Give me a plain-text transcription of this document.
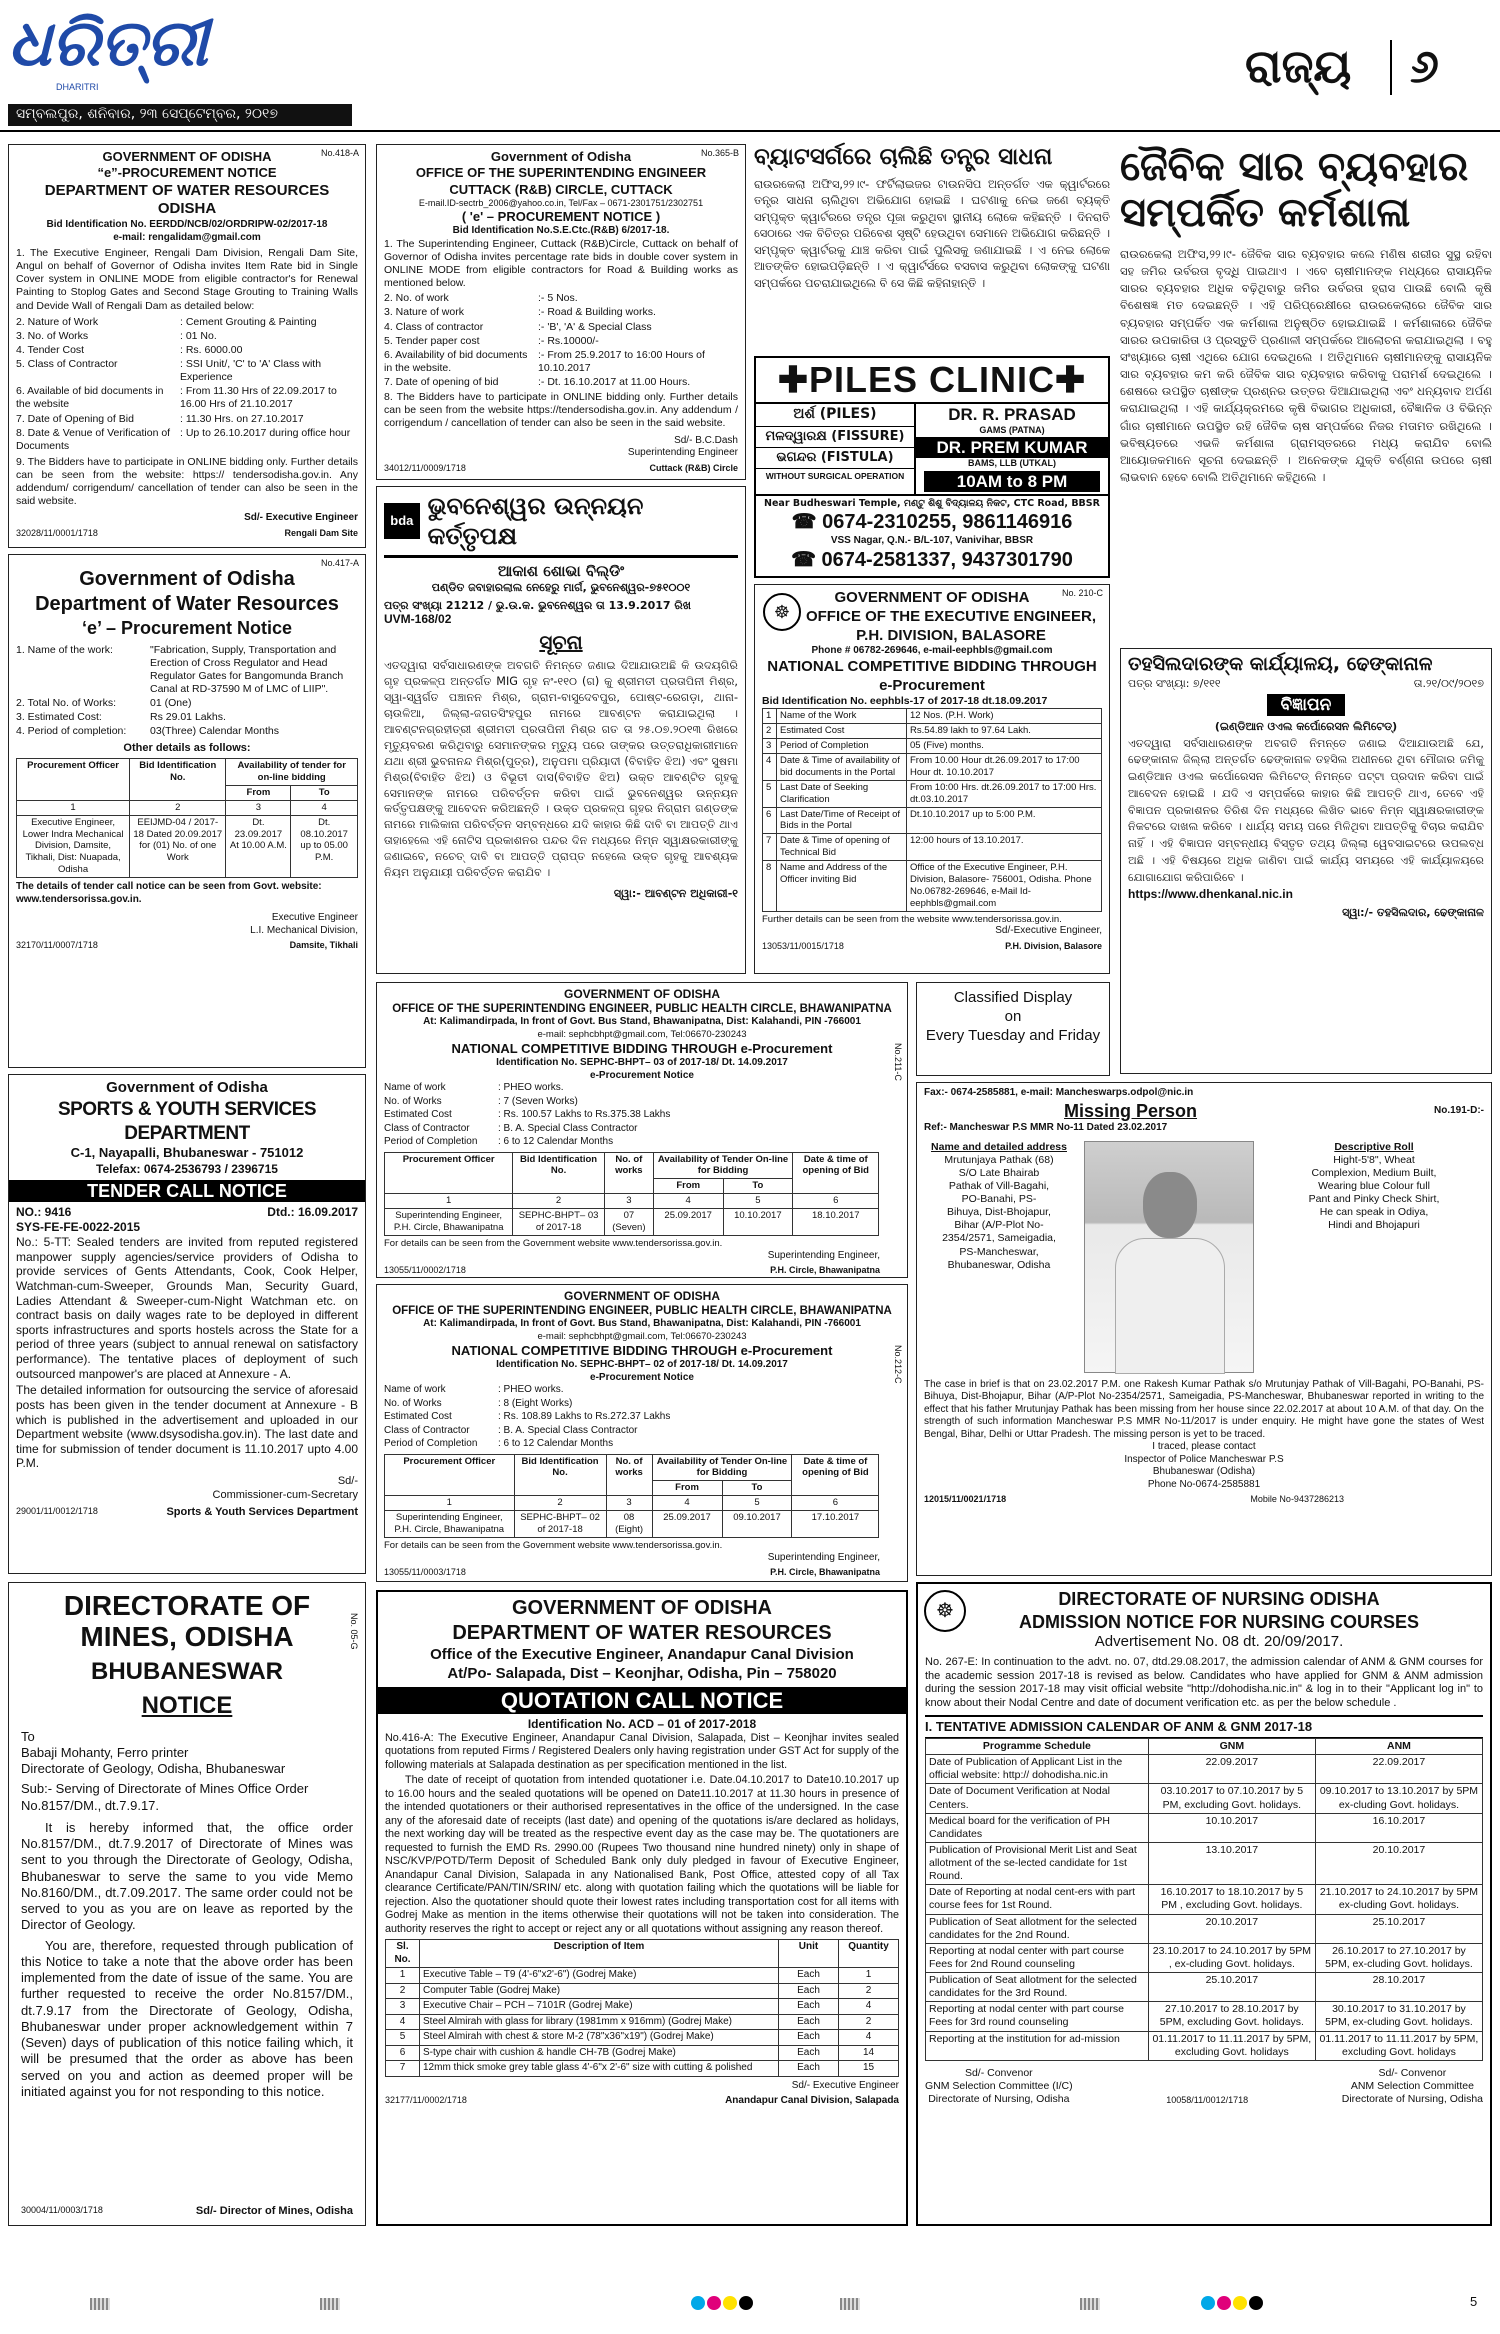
ଧରିତ୍ରୀ
DHARITRI
ସମ୍ବଲପୁର, ଶନିବାର, ୨୩ ସେପ୍ଟେମ୍ବର, ୨୦୧୭
ରାଜ୍ୟ ୬
No.418-A
GOVERNMENT OF ODISHA
“e”-PROCUREMENT NOTICE
DEPARTMENT OF WATER RESOURCES ODISHA
Bid Identification No. EERDD/NCB/02/ORDRIPW-02/2017-18
e-mail: rengalidam@gmail.com
1. The Executive Engineer, Rengali Dam Division, Rengali Dam Site, Angul on behalf of Governor of Odisha invites Item Rate bid in Single Cover system in ONLINE MODE from eligible contractor's for Renewal Painting to Stoplog Gates and Second Stage Grouting to Training Walls and Devide Wall of Rengali Dam as detailed below:
2. Nature of Work	: Cement Grouting & Painting
3. No. of Works	: 01 No.
4. Tender Cost	: Rs. 6000.00
5. Class of Contractor	: SSI Unit/, 'C' to 'A' Class with Experience
6. Available of bid documents in the website
: From 11.30 Hrs of 22.09.2017 to 16.00 Hrs of 21.10.2017
7. Date of Opening of Bid	: 11.30 Hrs. on 27.10.2017
8. Date & Venue of Verification of Documents
: Up to 26.10.2017 during office hour
9. The Bidders have to participate in ONLINE bidding only. Further details can be seen from the website: https:// tendersodisha.gov.in. Any addendum/ corrigendum/ cancellation of tender can also be seen in the said website.
Sd/- Executive Engineer
32028/11/0001/1718	Rengali Dam Site
No.417-A
Government of Odisha
Department of Water Resources
‘e’ – Procurement Notice
1. Name of the work:	"Fabrication, Supply, Transportation and Erection of Cross Regulator and Head Regulator Gates for Bangomunda Branch Canal at RD-37590 M of LMC of LIIP".
2. Total No. of Works:	01 (One)
3. Estimated Cost:	Rs 29.01 Lakhs.
4. Period of completion:	03(Three) Calendar Months
Other details as follows:
Procurement Officer	Bid Identification No.	Availability of tender for on-line bidding	
		From	To
1	2	3	4
Executive Engineer, Lower Indra Mechanical Division, Damsite, Tikhali, Dist: Nuapada, Odisha	EEIJMD-04 / 2017-18 Dated 20.09.2017 for (01) No. of one Work	Dt. 23.09.2017 At 10.00 A.M.	Dt. 08.10.2017 up to 05.00 P.M.
The details of tender call notice can be seen from Govt. website: www.tendersorissa.gov.in.
Executive Engineer
L.I. Mechanical Division,
32170/11/0007/1718	Damsite, Tikhali
Government of Odisha
SPORTS & YOUTH SERVICES DEPARTMENT
C-1, Nayapalli, Bhubaneswar - 751012
Telefax: 0674-2536793 / 2396715
TENDER CALL NOTICE
NO.: 9416	Dtd.: 16.09.2017
SYS-FE-FE-0022-2015
No.: 5-TT: Sealed tenders are invited from reputed registered manpower supply agencies/service providers of Odisha to provide services of Gents Attendants, Cook, Cook Helper, Watchman-cum-Sweeper, Grounds Man, Security Guard, Ladies Attendant & Sweeper-cum-Night Watchman etc. on contract basis on daily wages rate to be deployed in different sports infrastructures and sports hostels across the State for a period of three years (subject to annual renewal on satisfactory performance). The tentative places of deployment of such outsourced manpower's are placed at Annexure - A.
The detailed information for outsourcing the service of aforesaid posts has been given in the tender document at Annexure - B which is published in the advertisement and uploaded in our Department website (www.dsysodisha.gov.in). The last date and time for submission of tender document is 11.10.2017 upto 4.00 P.M.
Sd/-
Commissioner-cum-Secretary
29001/11/0012/1718	Sports & Youth Services Department
No. 05-G
DIRECTORATE OF MINES, ODISHA
BHUBANESWAR
NOTICE
To
Babaji Mohanty, Ferro printer
Directorate of Geology, Odisha, Bhubaneswar
Sub:- Serving of Directorate of Mines Office Order No.8157/DM., dt.7.9.17.
It is hereby informed that, the office order No.8157/DM., dt.7.9.2017 of Directorate of Mines was sent to you through the Directorate of Geology, Odisha, Bhubaneswar to serve the same to you vide Memo No.8160/DM., dt.7.09.2017. The same order could not be served to you as you are on leave as reported by the Director of Geology.
You are, therefore, requested through publication of this Notice to take a note that the above order has been implemented from the date of issue of the same. You are further requested to receive the order No.8157/DM., dt.7.9.17 from the Directorate of Geology, Odisha, Bhubaneswar under proper acknowledgement within 7 (Seven) days of publication of this notice failing which, it will be presumed that the order as above has been served on you and action as deemed proper will be initiated against you for not responding to this notice.
30004/11/0003/1718	Sd/- Director of Mines, Odisha
No.365-B
Government of Odisha
OFFICE OF THE SUPERINTENDING ENGINEER
CUTTACK (R&B) CIRCLE, CUTTACK
E-mail.ID-sectrb_2006@yahoo.co.in, Tel/Fax – 0671-2301751/2302751
( 'e' – PROCUREMENT NOTICE )
Bid Identification No.S.E.Ctc.(R&B) 6/2017-18.
1. The Superintending Engineer, Cuttack (R&B)Circle, Cuttack on behalf of Governor of Odisha invites percentage rate bids in double cover system in ONLINE MODE from eligible contractors for Road & Building works as mentioned below.
2. No. of work	:- 5 Nos.
3. Nature of work	:- Road & Building works.
4. Class of contractor	:- 'B', 'A' & Special Class
5. Tender paper cost	:- Rs.10000/-
6. Availability of bid documents in the website.
:- From 25.9.2017 to 16:00 Hours of 10.10.2017
7. Date of opening of bid	:- Dt. 16.10.2017 at 11.00 Hours.
8. The Bidders have to participate in ONLINE bidding only. Further details can be seen from the website https://tendersodisha.gov.in. Any addendum / corrigendum / cancellation of tender can also be seen in the said website.
Sd/- B.C.Dash
Superintending Engineer
34012/11/0009/1718	Cuttack (R&B) Circle
bda
ଭୁବନେଶ୍ୱର ଉନ୍ନୟନ କର୍ତ୍ତୃପକ୍ଷ
ଆକାଶ ଶୋଭା ବିଲ୍ଡିଂ
ପଣ୍ଡିତ ଜବାହାରଲାଲ ନେହେରୁ ମାର୍ଗ, ଭୁବନେଶ୍ୱର-୭୫୧୦୦୧
ପତ୍ର ସଂଖ୍ୟା 21212 / ଭୁ.ଉ.କ. ଭୁବନେଶ୍ୱର ତା 13.9.2017 ରିଖ
UVM-168/02
ସୂଚନା
ଏତଦ୍ୱାରା ସର୍ବସାଧାରଣଙ୍କ ଅବଗତି ନିମନ୍ତେ ଜଣାଇ ଦିଆଯାଉଅଛି କି ଉଦୟଗିରି ଗୃହ ପ୍ରକଳ୍ପ ଅନ୍ତର୍ଗତ MIG ଗୃହ ନଂ-୧୧୦ (ଗ) କୁ ଶ୍ରୀମତୀ ପ୍ରତାପିନୀ ମିଶ୍ର, ସ୍ୱା-ସ୍ୱର୍ଗତ ପଞ୍ଚାନନ ମିଶ୍ର, ଗ୍ରାମ-ବାସୁଦେବପୁର, ପୋଷ୍ଟ-ରେଗଡ଼ା, ଥାନା-ଚାଉଳିଆ, ଜିଲ୍ଲା-ଜଗତସିଂହପୁର ନାମରେ ଆବଣ୍ଟନ କରାଯାଇଥିଲା । ଆବଣ୍ଟନଗ୍ରହୀତ୍ରୀ ଶ୍ରୀମତୀ ପ୍ରତାପିନୀ ମିଶ୍ର ଗତ ତା ୨୫.୦୭.୨୦୧୩ ରିଖରେ ମୃତ୍ୟୁବରଣ କରିଥିବାରୁ ସେମାନଙ୍କର ମୃତ୍ୟୁ ପରେ ତାଙ୍କର ଉତ୍ତରାଧିକାରୀମାନେ ଯଥା ଶ୍ରୀ ଭୁବନାନନ୍ଦ ମିଶ୍ର(ପୁତ୍ର), ଅନୁପମା ପ୍ରିୟାଦୀ (ବିବାହିତ ଝିଅ) ଏବଂ ସୁଷମା ମିଶ୍ର(ବିବାହିତ ଝିଅ) ଓ ବିଭୂତୀ ଦାସ(ବିବାହିତ ଝିଅ) ଉକ୍ତ ଆବଣ୍ଟିତ ଗୃହକୁ ସେମାନଙ୍କ ନାମରେ ପରିବର୍ତ୍ତନ କରିବା ପାଇଁ ଭୁବନେଶ୍ୱର ଉନ୍ନୟନ କର୍ତ୍ତୃପକ୍ଷଙ୍କୁ ଆବେଦନ କରିଅଛନ୍ତି । ଉକ୍ତ ପ୍ରକଳ୍ପ ଗୃହର ନିଗ୍ରାମ ଗଣ୍ଡଙ୍କ ନାମରେ ମାଲିକାନା ପରିବର୍ତ୍ତନ ସମ୍ବନ୍ଧରେ ଯଦି କାହାର କିଛି ଦାବି ବା ଆପତ୍ତି ଥାଏ ତାହାହେଲେ ଏହି ନୋଟିସ ପ୍ରକାଶନର ପନ୍ଦର ଦିନ ମଧ୍ୟରେ ନିମ୍ନ ସ୍ୱାକ୍ଷରକାରୀଙ୍କୁ ଜଣାଇବେ, ନଚେତ୍ ଦାବି ବା ଆପତ୍ତି ପ୍ରାପ୍ତ ନହେଲେ ଉକ୍ତ ଗୃହକୁ ଆବଶ୍ୟକ ନିୟମ ଅନୁଯାୟୀ ପରିବର୍ତ୍ତନ କରାଯିବ ।
ସ୍ୱା:- ଆବଣ୍ଟନ ଅଧିକାରୀ-୧
No.211-C
GOVERNMENT OF ODISHA
OFFICE OF THE SUPERINTENDING ENGINEER, PUBLIC HEALTH CIRCLE, BHAWANIPATNA
At: Kalimandirpada, In front of Govt. Bus Stand, Bhawanipatna, Dist: Kalahandi, PIN -766001
e-mail: sephcbhpt@gmail.com, Tel:06670-230243
NATIONAL COMPETITIVE BIDDING THROUGH e-Procurement
Identification No. SEPHC-BHPT– 03 of 2017-18/ Dt. 14.09.2017
e-Procurement Notice
Name of work	: PHEO works.
No. of Works	: 7 (Seven Works)
Estimated Cost	: Rs. 100.57 Lakhs to Rs.375.38 Lakhs
Class of Contractor	: B. A. Special Class Contractor
Period of Completion	: 6 to 12 Calendar Months
Procurement Officer	Bid Identification No.	No. of works	Availability of Tender On-line for Bidding		Date & time of opening of Bid
			From	To	
1	2	3	4	5	6
Superintending Engineer, P.H. Circle, Bhawanipatna	SEPHC-BHPT– 03 of 2017-18	07 (Seven)	25.09.2017	10.10.2017	18.10.2017
For details can be seen from the Government website www.tendersorissa.gov.in.
Superintending Engineer,
13055/11/0002/1718	P.H. Circle, Bhawanipatna
No.212-C
GOVERNMENT OF ODISHA
OFFICE OF THE SUPERINTENDING ENGINEER, PUBLIC HEALTH CIRCLE, BHAWANIPATNA
At: Kalimandirpada, In front of Govt. Bus Stand, Bhawanipatna, Dist: Kalahandi, PIN -766001
e-mail: sephcbhpt@gmail.com, Tel:06670-230243
NATIONAL COMPETITIVE BIDDING THROUGH e-Procurement
Identification No. SEPHC-BHPT– 02 of 2017-18/ Dt. 14.09.2017
e-Procurement Notice
Name of work	: PHEO works.
No. of Works	: 8 (Eight Works)
Estimated Cost	: Rs. 108.89 Lakhs to Rs.272.37 Lakhs
Class of Contractor	: B. A. Special Class Contractor
Period of Completion	: 6 to 12 Calendar Months
Procurement Officer	Bid Identification No.	No. of works	Availability of Tender On-line for Bidding		Date & time of opening of Bid
			From	To	
1	2	3	4	5	6
Superintending Engineer, P.H. Circle, Bhawanipatna	SEPHC-BHPT– 02 of 2017-18	08 (Eight)	25.09.2017	09.10.2017	17.10.2017
For details can be seen from the Government website www.tendersorissa.gov.in.
Superintending Engineer,
13055/11/0003/1718	P.H. Circle, Bhawanipatna
GOVERNMENT OF ODISHA
DEPARTMENT OF WATER RESOURCES
Office of the Executive Engineer, Anandapur Canal Division
At/Po- Salapada, Dist – Keonjhar, Odisha, Pin – 758020
QUOTATION CALL NOTICE
Identification No. ACD – 01 of 2017-2018
No.416-A: The Executive Engineer, Anandapur Canal Division, Salapada, Dist – Keonjhar invites sealed quotations from reputed Firms / Registered Dealers only having registration under GST Act for supply of the following materials at Salapada destination as per specification mentioned in the list.
The date of receipt of quotation from intended quotationer i.e. Date.04.10.2017 to Date10.10.2017 up to 16.00 hours and the sealed quotations will be opened on Date11.10.2017 at 11.30 hours in presence of the intended quotationers or their authorised representatives in the office of the undersigned. In the case any of the aforesaid date of receipts (last date) and opening of the quotations is/are declared as holidays, the next working day will be treated as the respective event day as the case may be. The quotationers are requested to furnish the EMD Rs. 2990.00 (Rupees Two thousand nine hundred ninety) only in shape of NSC/KVP/POTD/Term Deposit of Scheduled Bank only duly pledged in favour of Executive Engineer, Anandapur Canal Division, Salapada in any Nationalised Bank, Post Office, attested copy of all Tax clearance Certificate/PAN/TIN/SRIN/ etc. along with quotation failing which the quotations will be liable for rejection. Also the quotationer should quote their lowest rates including transportation cost for all items with Godrej Make as mention in the items otherwise their quotations will not be taken into consideration. The authority reserves the right to accept or reject any or all quotations without assigning any reason thereof.
Sl. No.	Description of Item	Unit	Quantity
1	Executive Table – T9 (4'-6"x2'-6") (Godrej Make)	Each	1
2	Computer Table (Godrej Make)	Each	2
3	Executive Chair – PCH – 7101R (Godrej Make)	Each	4
4	Steel Almirah with glass for library (1981mm x 916mm) (Godrej Make)	Each	2
5	Steel Almirah with chest & store M-2 (78"x36"x19") (Godrej Make)	Each	4
6	S-type chair with cushion & handle CH-7B (Godrej Make)	Each	14
7	12mm thick smoke grey table glass 4'-6"x 2'-6" size with cutting & polished	Each	15
Sd/- Executive Engineer
32177/11/0002/1718	Anandapur Canal Division, Salapada
ବ୍ୟାଟସର୍ଗରେ ଚାଲିଛି ତନ୍ତ୍ର ସାଧନା
ରାଉରକେଲା ଅଫିସ,୨୨।୯- ଫର୍ଟିଲାଇଜର ଟାଉନସିପ ଅନ୍ତର୍ଗତ ଏକ କ୍ୱାର୍ଟରରେ ତନ୍ତ୍ର ସାଧନା ଚାଲିଥିବା ଅଭିଯୋଗ ହୋଇଛି । ଘଟଣାକୁ ନେଇ ଜଣେ ବ୍ୟକ୍ତି ସମ୍ପୃକ୍ତ କ୍ୱାର୍ଟରରେ ତନ୍ତ୍ର ପୂଜା କରୁଥିବା ସ୍ଥାନୀୟ ଲୋକେ କହିଛନ୍ତି । ଦିନରାତି ସେଠାରେ ଏକ ବିଚିତ୍ର ପରିବେଶ ସୃଷ୍ଟି ହେଉଥିବା ସେମାନେ ଅଭିଯୋଗ କରିଛନ୍ତି । ସମ୍ପୃକ୍ତ କ୍ୱାର୍ଟରକୁ ଯାଞ୍ଚ କରିବା ପାଇଁ ପୁଲିସକୁ ଜଣାଯାଇଛି । ଏ ନେଇ ଲୋକେ ଆତଙ୍କିତ ହୋଇପଡ଼ିଛନ୍ତି । ଏ କ୍ୱାର୍ଟର୍ସରେ ବସବାସ କରୁଥିବା ଲୋକଙ୍କୁ ଘଟଣା ସମ୍ପର୍କରେ ପଚରାଯାଇଥିଲେ ବି ସେ କିଛି କହିନାହାନ୍ତି ।
✚PILES CLINIC✚
ଅର୍ଶ (PILES)
ମଳଦ୍ୱାରକ୍ଷ (FISSURE)
ଭଗନ୍ଦର (FISTULA)
WITHOUT SURGICAL OPERATION
DR. R. PRASAD
GAMS (PATNA)
DR. PREM KUMAR
BAMS, LLB (UTKAL)
10AM to 8 PM
Near Budheswari Temple, ମଣ୍ଟୁ ଶିଶୁ ବିଦ୍ୟାଳୟ ନିକଟ, CTC Road, BBSR
☎ 0674-2310255, 9861146916
VSS Nagar, Q.N.- B/L-107, Vanivihar, BBSR
☎ 0674-2581337, 9437301790
No. 210-C
☸
GOVERNMENT OF ODISHA
OFFICE OF THE EXECUTIVE ENGINEER, P.H. DIVISION, BALASORE
Phone # 06782-269646, e-mail-eephbls@gmail.com
NATIONAL COMPETITIVE BIDDING THROUGH e-Procurement
Bid Identification No. eephbls-17 of 2017-18 dt.18.09.2017
1	Name of the Work	12 Nos. (P.H. Work)
2	Estimated Cost	Rs.54.89 lakh to 97.64 Lakh.
3	Period of Completion	05 (Five) months.
4	Date & Time of availability of bid documents in the Portal	From 10.00 Hour dt.26.09.2017 to 17:00 Hour dt. 10.10.2017
5	Last Date of Seeking Clarification	From 10:00 Hrs. dt.26.09.2017 to 17:00 Hrs. dt.03.10.2017
6	Last Date/Time of Receipt of Bids in the Portal	Dt.10.10.2017 up to 5:00 P.M.
7	Date & Time of opening of Technical Bid	12:00 hours of 13.10.2017.
8	Name and Address of the Officer inviting Bid	Office of the Executive Engineer, P.H. Division, Balasore- 756001, Odisha. Phone No.06782-269646, e-Mail Id-eephbls@gmail.com
Further details can be seen from the website www.tendersorissa.gov.in.
Sd/-Executive Engineer,
13053/11/0015/1718	P.H. Division, Balasore
Classified Display
on
Every Tuesday and Friday
ଜୈବିକ ସାର ବ୍ୟବହାର
ସମ୍ପର୍କିତ କର୍ମଶାଳା
ରାଉରକେଲା ଅଫିସ,୨୨।୯- ଜୈବିକ ସାର ବ୍ୟବହାର କଲେ ମଣିଷ ଶରୀର ସୁସ୍ଥ ରହିବା ସହ ଜମିର ଉର୍ବରତା ବୃଦ୍ଧି ପାଇଥାଏ । ଏବେ ଚାଷୀମାନଙ୍କ ମଧ୍ୟରେ ରାସାୟନିକ ସାରର ବ୍ୟବହାର ଅଧିକ ବଢ଼ିଥିବାରୁ ଜମିର ଉର୍ବରତା ହ୍ରାସ ପାଉଛି ବୋଲି କୃଷି ବିଶେଷଜ୍ଞ ମତ ଦେଇଛନ୍ତି । ଏହି ପରିପ୍ରେକ୍ଷୀରେ ରାଉରକେଲାରେ ଜୈବିକ ସାର ବ୍ୟବହାର ସମ୍ପର୍କିତ ଏକ କର୍ମଶାଳା ଅନୁଷ୍ଠିତ ହୋଇଯାଇଛି । କର୍ମଶାଳାରେ ଜୈବିକ ସାରର ଉପକାରିତା ଓ ପ୍ରସ୍ତୁତି ପ୍ରଣାଳୀ ସମ୍ପର୍କରେ ଆଲୋଚନା କରାଯାଇଥିଲା । ବହୁ ସଂଖ୍ୟାରେ ଚାଷୀ ଏଥିରେ ଯୋଗ ଦେଇଥିଲେ । ଅତିଥିମାନେ ଚାଷୀମାନଙ୍କୁ ରାସାୟନିକ ସାର ବ୍ୟବହାର କମ କରି ଜୈବିକ ସାର ବ୍ୟବହାର କରିବାକୁ ପରାମର୍ଶ ଦେଇଥିଲେ । ଶେଷରେ ଉପସ୍ଥିତ ଚାଷୀଙ୍କ ପ୍ରଶ୍ନର ଉତ୍ତର ଦିଆଯାଇଥିଲା ଏବଂ ଧନ୍ୟବାଦ ଅର୍ପଣ କରାଯାଇଥିଲା । ଏହି କାର୍ଯ୍ୟକ୍ରମରେ କୃଷି ବିଭାଗର ଅଧିକାରୀ, ବୈଜ୍ଞାନିକ ଓ ବିଭିନ୍ନ ଗାଁର ଚାଷୀମାନେ ଉପସ୍ଥିତ ରହି ଜୈବିକ ଚାଷ ସମ୍ପର୍କରେ ନିଜର ମତାମତ ରଖିଥିଲେ । ଭବିଷ୍ୟତରେ ଏଭଳି କର୍ମଶାଳା ଗ୍ରାମସ୍ତରରେ ମଧ୍ୟ କରାଯିବ ବୋଲି ଆୟୋଜକମାନେ ସୂଚନା ଦେଇଛନ୍ତି । ଅନେକଙ୍କ ଯୁକ୍ତି ବର୍ଣ୍ଣନା ଉପରେ ଚାଷୀ ଲାଭବାନ ହେବେ ବୋଲି ଅତିଥିମାନେ କହିଥିଲେ ।
ତହସିଲଦାରଙ୍କ କାର୍ଯ୍ୟାଳୟ, ଢେଙ୍କାନାଳ
ପତ୍ର ସଂଖ୍ୟା: ୭/୧୧୧	ତା.୨୧/୦୯/୨୦୧୭
ବିଜ୍ଞାପନ
(ଇଣ୍ଡିଆନ ଓଏଲ କର୍ପୋରେସନ ଲିମିଟେଡ୍)
ଏତଦ୍ୱାରା ସର୍ବସାଧାରଣଙ୍କ ଅବଗତି ନିମନ୍ତେ ଜଣାଇ ଦିଆଯାଉଅଛି ଯେ, ଢେଙ୍କାନାଳ ଜିଲ୍ଲା ଅନ୍ତର୍ଗତ ଢେଙ୍କାନାଳ ତହସିଲ ଅଧୀନରେ ଥିବା ମୌଜାର ଜମିକୁ ଇଣ୍ଡିଆନ ଓଏଲ କର୍ପୋରେସନ ଲିମିଟେଡ୍ ନିମନ୍ତେ ପଟ୍ଟା ପ୍ରଦାନ କରିବା ପାଇଁ ଆବେଦନ ହୋଇଛି । ଯଦି ଏ ସମ୍ପର୍କରେ କାହାର କିଛି ଆପତ୍ତି ଥାଏ, ତେବେ ଏହି ବିଜ୍ଞାପନ ପ୍ରକାଶନର ତିରିଶ ଦିନ ମଧ୍ୟରେ ଲିଖିତ ଭାବେ ନିମ୍ନ ସ୍ୱାକ୍ଷରକାରୀଙ୍କ ନିକଟରେ ଦାଖଲ କରିବେ । ଧାର୍ଯ୍ୟ ସମୟ ପରେ ମିଳିଥିବା ଆପତ୍ତିକୁ ବିଚାର କରାଯିବ ନାହିଁ । ଏହି ବିଜ୍ଞାପନ ସମ୍ବନ୍ଧୀୟ ବିସ୍ତୃତ ତଥ୍ୟ ଜିଲ୍ଲା ୱେବସାଇଟରେ ଉପଲବ୍ଧ ଅଛି । ଏହି ବିଷୟରେ ଅଧିକ ଜାଣିବା ପାଇଁ କାର୍ଯ୍ୟ ସମୟରେ ଏହି କାର୍ଯ୍ୟାଳୟରେ ଯୋଗାଯୋଗ କରିପାରିବେ ।
https://www.dhenkanal.nic.in
ସ୍ୱା:/- ତହସିଲଦାର, ଢେଙ୍କାନାଳ
Fax:- 0674-2585881, e-mail: Mancheswarps.odpol@nic.in
Missing Person	No.191-D:-
Ref:- Mancheswar P.S MMR No-11 Dated 23.02.2017
Name and detailed address
Mrutunjaya Pathak (68)
S/O Late Bhairab
Pathak of Vill-Bagahi,
PO-Banahi, PS-
Bihuya, Dist-Bhojapur,
Bihar (A/P-Plot No-
2354/2571, Sameigadia,
PS-Mancheswar,
Bhubaneswar, Odisha
Descriptive Roll
Hight-5'8", Wheat
Complexion, Medium Built,
Wearing blue Colour full
Pant and Pinky Check Shirt,
He can speak in Odiya,
Hindi and Bhojapuri
The case in brief is that on 23.02.2017 P.M. one Rakesh Kumar Pathak s/o Mrutunjay Pathak of Vill-Bagahi, PO-Banahi, PS-Bihuya, Dist-Bhojapur, Bihar (A/P-Plot No-2354/2571, Sameigadia, PS-Mancheswar, Bhubaneswar reported in writing to the effect that his father Mrutunjay Pathak has been missing from her house since 22.02.2017 at about 10 A.M. of that day. On the strength of such information Mancheswar P.S MMR No-11/2017 is under enquiry. He might have gone the states of West Bengal, Bihar, Delhi or Uttar Pradesh. The missing person is yet to be traced.
I traced, please contact
Inspector of Police Mancheswar P.S
Bhubaneswar (Odisha)
Phone No-0674-2585881
12015/11/0021/1718	Mobile No-9437286213
☸
DIRECTORATE OF NURSING ODISHA
ADMISSION NOTICE FOR NURSING COURSES
Advertisement No. 08 dt. 20/09/2017.
No. 267-E: In continuation to the advt. no. 07, dtd.29.08.2017, the admission calendar of ANM & GNM courses for the academic session 2017-18 is revised as below. Candidates who have applied for GNM & ANM admission during the session 2017-18 may visit official website "http://dohodisha.nic.in" & log in to their "Applicant log in" to know about their Nodal Centre and date of document verification etc. as per the below schedule .
I. TENTATIVE ADMISSION CALENDAR OF ANM & GNM 2017-18
Programme Schedule	GNM	ANM
Date of Publication of Applicant List in the official website: http:// dohodisha.nic.in	22.09.2017	22.09.2017
Date of Document Verification at Nodal Centers.	03.10.2017 to 07.10.2017 by 5 PM, excluding Govt. holidays.	09.10.2017 to 13.10.2017 by 5PM ex-cluding Govt. holidays.
Medical board for the verification of PH Candidates	10.10.2017	16.10.2017
Publication of Provisional Merit List and Seat allotment of the se-lected candidate for 1st Round.	13.10.2017	20.10.2017
Date of Reporting at nodal cent-ers with part course fees for 1st Round.	16.10.2017 to 18.10.2017 by 5 PM , excluding Govt. holidays.	21.10.2017 to 24.10.2017 by 5PM ex-cluding Govt. holidays.
Publication of Seat allotment for the selected candidates for the 2nd Round.	20.10.2017	25.10.2017
Reporting at nodal center with part course Fees for 2nd Round counseling	23.10.2017 to 24.10.2017 by 5PM , ex-cluding Govt. holidays.	26.10.2017 to 27.10.2017 by 5PM, ex-cluding Govt. holidays.
Publication of Seat allotment for the selected candidates for the 3rd Round.	25.10.2017	28.10.2017
Reporting at nodal center with part course Fees for 3rd round counseling	27.10.2017 to 28.10.2017 by 5PM, excluding Govt. holidays.	30.10.2017 to 31.10.2017 by 5PM, ex-cluding Govt. holidays.
Reporting at the institution for ad-mission	01.11.2017 to 11.11.2017 by 5PM, excluding Govt. holidays	01.11.2017 to 11.11.2017 by 5PM, excluding Govt. holidays
Sd/- Convenor
GNM Selection Committee (I/C)
Directorate of Nursing, Odisha	10058/11/0012/1718
Sd/- Convenor
ANM Selection Committee
Directorate of Nursing, Odisha
5
